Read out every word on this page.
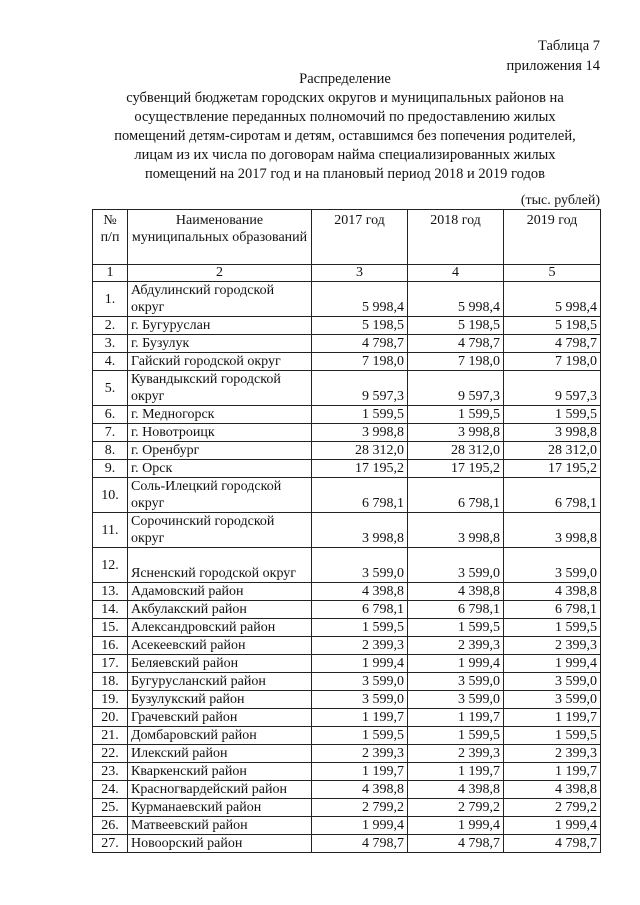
Таблица 7
приложения 14
Распределение
субвенций бюджетам городских округов и муниципальных районов на
осуществление переданных полномочий по предоставлению жилых
помещений детям-сиротам и детям, оставшимся без попечения родителей,
лицам из их числа по договорам найма специализированных жилых
помещений на 2017 год и на плановый период 2018 и 2019 годов
(тыс. рублей)
№ п/п	Наименование муниципальных образований	2017 год	2018 год	2019 год
1	2	3	4	5
1.	Абдулинский городской округ	5 998,4	5 998,4	5 998,4
2.	г. Бугуруслан	5 198,5	5 198,5	5 198,5
3.	г. Бузулук	4 798,7	4 798,7	4 798,7
4.	Гайский городской округ	7 198,0	7 198,0	7 198,0
5.	Кувандыкский городской округ	9 597,3	9 597,3	9 597,3
6.	г. Медногорск	1 599,5	1 599,5	1 599,5
7.	г. Новотроицк	3 998,8	3 998,8	3 998,8
8.	г. Оренбург	28 312,0	28 312,0	28 312,0
9.	г. Орск	17 195,2	17 195,2	17 195,2
10.	Соль-Илецкий городской округ	6 798,1	6 798,1	6 798,1
11.	Сорочинский городской округ	3 998,8	3 998,8	3 998,8
12.	Ясненский городской округ	3 599,0	3 599,0	3 599,0
13.	Адамовский район	4 398,8	4 398,8	4 398,8
14.	Акбулакский район	6 798,1	6 798,1	6 798,1
15.	Александровский район	1 599,5	1 599,5	1 599,5
16.	Асекеевский район	2 399,3	2 399,3	2 399,3
17.	Беляевский район	1 999,4	1 999,4	1 999,4
18.	Бугурусланский район	3 599,0	3 599,0	3 599,0
19.	Бузулукский район	3 599,0	3 599,0	3 599,0
20.	Грачевский район	1 199,7	1 199,7	1 199,7
21.	Домбаровский район	1 599,5	1 599,5	1 599,5
22.	Илекский район	2 399,3	2 399,3	2 399,3
23.	Кваркенский район	1 199,7	1 199,7	1 199,7
24.	Красногвардейский район	4 398,8	4 398,8	4 398,8
25.	Курманаевский район	2 799,2	2 799,2	2 799,2
26.	Матвеевский район	1 999,4	1 999,4	1 999,4
27.	Новоорский район	4 798,7	4 798,7	4 798,7
